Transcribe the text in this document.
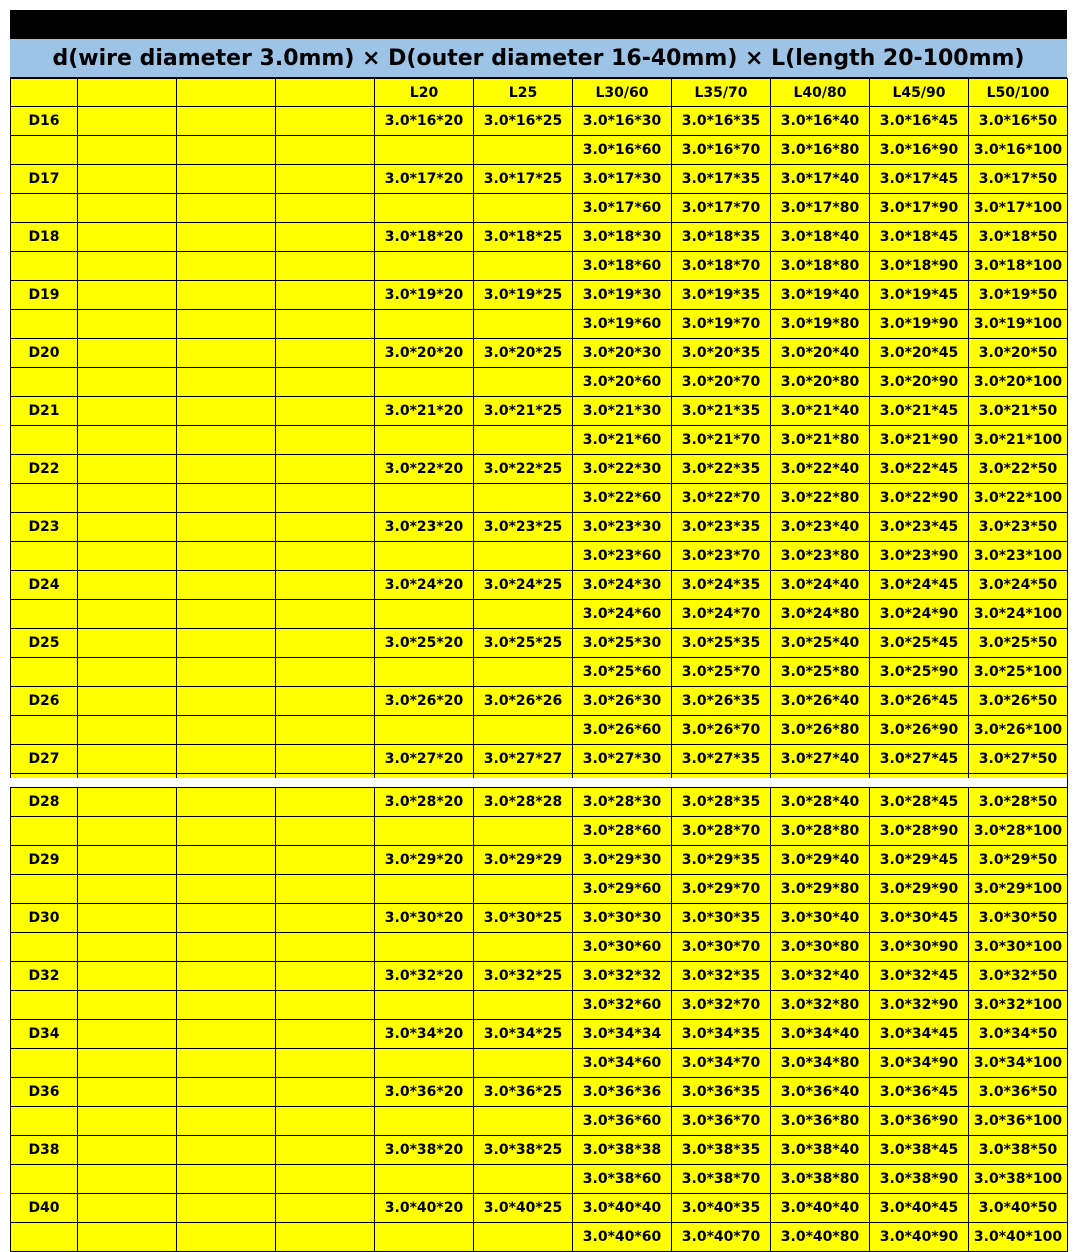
d(wire diameter 3.0mm) × D(outer diameter 16-40mm) × L(length 20-100mm)
				L20	L25	L30/60	L35/70	L40/80	L45/90	L50/100
D16				3.0*16*20	3.0*16*25	3.0*16*30	3.0*16*35	3.0*16*40	3.0*16*45	3.0*16*50
						3.0*16*60	3.0*16*70	3.0*16*80	3.0*16*90	3.0*16*100
D17				3.0*17*20	3.0*17*25	3.0*17*30	3.0*17*35	3.0*17*40	3.0*17*45	3.0*17*50
						3.0*17*60	3.0*17*70	3.0*17*80	3.0*17*90	3.0*17*100
D18				3.0*18*20	3.0*18*25	3.0*18*30	3.0*18*35	3.0*18*40	3.0*18*45	3.0*18*50
						3.0*18*60	3.0*18*70	3.0*18*80	3.0*18*90	3.0*18*100
D19				3.0*19*20	3.0*19*25	3.0*19*30	3.0*19*35	3.0*19*40	3.0*19*45	3.0*19*50
						3.0*19*60	3.0*19*70	3.0*19*80	3.0*19*90	3.0*19*100
D20				3.0*20*20	3.0*20*25	3.0*20*30	3.0*20*35	3.0*20*40	3.0*20*45	3.0*20*50
						3.0*20*60	3.0*20*70	3.0*20*80	3.0*20*90	3.0*20*100
D21				3.0*21*20	3.0*21*25	3.0*21*30	3.0*21*35	3.0*21*40	3.0*21*45	3.0*21*50
						3.0*21*60	3.0*21*70	3.0*21*80	3.0*21*90	3.0*21*100
D22				3.0*22*20	3.0*22*25	3.0*22*30	3.0*22*35	3.0*22*40	3.0*22*45	3.0*22*50
						3.0*22*60	3.0*22*70	3.0*22*80	3.0*22*90	3.0*22*100
D23				3.0*23*20	3.0*23*25	3.0*23*30	3.0*23*35	3.0*23*40	3.0*23*45	3.0*23*50
						3.0*23*60	3.0*23*70	3.0*23*80	3.0*23*90	3.0*23*100
D24				3.0*24*20	3.0*24*25	3.0*24*30	3.0*24*35	3.0*24*40	3.0*24*45	3.0*24*50
						3.0*24*60	3.0*24*70	3.0*24*80	3.0*24*90	3.0*24*100
D25				3.0*25*20	3.0*25*25	3.0*25*30	3.0*25*35	3.0*25*40	3.0*25*45	3.0*25*50
						3.0*25*60	3.0*25*70	3.0*25*80	3.0*25*90	3.0*25*100
D26				3.0*26*20	3.0*26*26	3.0*26*30	3.0*26*35	3.0*26*40	3.0*26*45	3.0*26*50
						3.0*26*60	3.0*26*70	3.0*26*80	3.0*26*90	3.0*26*100
D27				3.0*27*20	3.0*27*27	3.0*27*30	3.0*27*35	3.0*27*40	3.0*27*45	3.0*27*50

D28				3.0*28*20	3.0*28*28	3.0*28*30	3.0*28*35	3.0*28*40	3.0*28*45	3.0*28*50
						3.0*28*60	3.0*28*70	3.0*28*80	3.0*28*90	3.0*28*100
D29				3.0*29*20	3.0*29*29	3.0*29*30	3.0*29*35	3.0*29*40	3.0*29*45	3.0*29*50
						3.0*29*60	3.0*29*70	3.0*29*80	3.0*29*90	3.0*29*100
D30				3.0*30*20	3.0*30*25	3.0*30*30	3.0*30*35	3.0*30*40	3.0*30*45	3.0*30*50
						3.0*30*60	3.0*30*70	3.0*30*80	3.0*30*90	3.0*30*100
D32				3.0*32*20	3.0*32*25	3.0*32*32	3.0*32*35	3.0*32*40	3.0*32*45	3.0*32*50
						3.0*32*60	3.0*32*70	3.0*32*80	3.0*32*90	3.0*32*100
D34				3.0*34*20	3.0*34*25	3.0*34*34	3.0*34*35	3.0*34*40	3.0*34*45	3.0*34*50
						3.0*34*60	3.0*34*70	3.0*34*80	3.0*34*90	3.0*34*100
D36				3.0*36*20	3.0*36*25	3.0*36*36	3.0*36*35	3.0*36*40	3.0*36*45	3.0*36*50
						3.0*36*60	3.0*36*70	3.0*36*80	3.0*36*90	3.0*36*100
D38				3.0*38*20	3.0*38*25	3.0*38*38	3.0*38*35	3.0*38*40	3.0*38*45	3.0*38*50
						3.0*38*60	3.0*38*70	3.0*38*80	3.0*38*90	3.0*38*100
D40				3.0*40*20	3.0*40*25	3.0*40*40	3.0*40*35	3.0*40*40	3.0*40*45	3.0*40*50
						3.0*40*60	3.0*40*70	3.0*40*80	3.0*40*90	3.0*40*100
